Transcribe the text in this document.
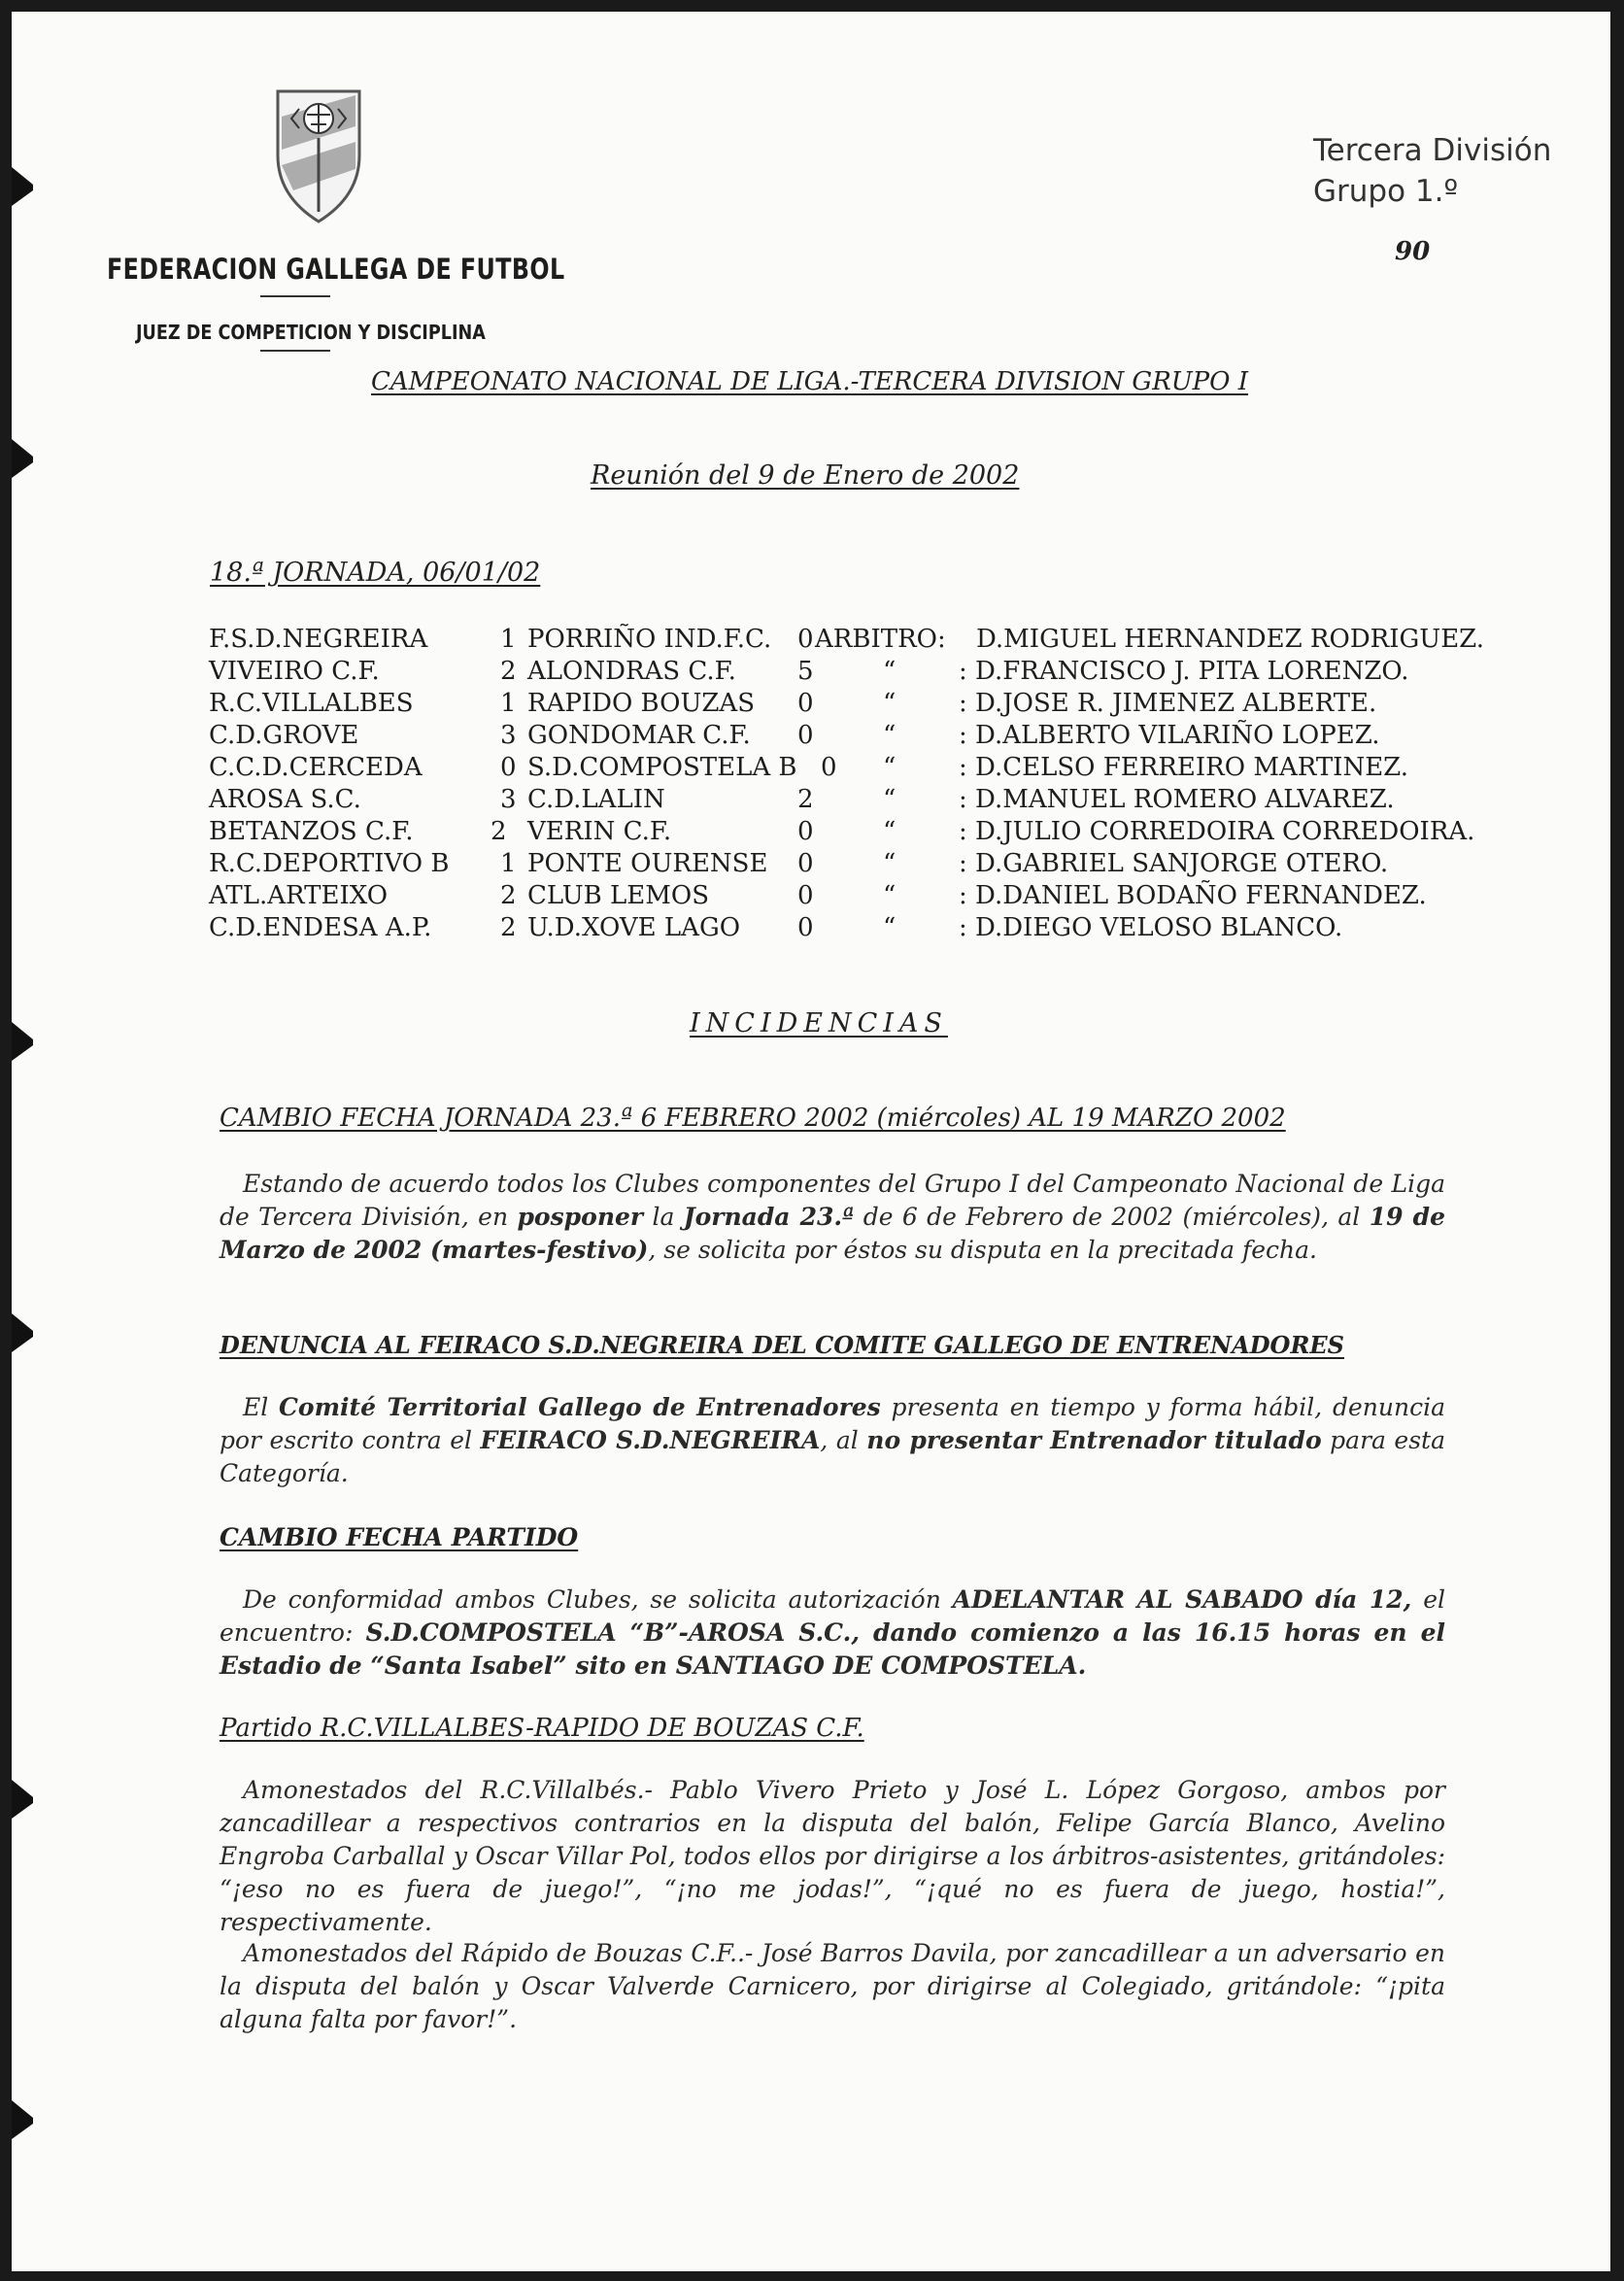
FEDERACION GALLEGA DE FUTBOL
JUEZ DE COMPETICION Y DISCIPLINA
Tercera División
Grupo 1.º
90
CAMPEONATO NACIONAL DE LIGA.-TERCERA DIVISION GRUPO I
Reunión del 9 de Enero de 2002
18.ª JORNADA, 06/01/02
F.S.D.NEGREIRA	1 PORRIÑO IND.F.C. 0 ARBITRO: D.MIGUEL HERNANDEZ RODRIGUEZ.
VIVEIRO C.F.	2 ALONDRAS C.F. 5	“ : D.FRANCISCO J. PITA LORENZO.
R.C.VILLALBES	1 RAPIDO BOUZAS 0	“ : D.JOSE R. JIMENEZ ALBERTE.
C.D.GROVE	3 GONDOMAR C.F. 0	“ : D.ALBERTO VILARIÑO LOPEZ.
C.C.D.CERCEDA	0 S.D.COMPOSTELA B 0 “ : D.CELSO FERREIRO MARTINEZ.
AROSA S.C.	3 C.D.LALIN	2	“ : D.MANUEL ROMERO ALVAREZ.
BETANZOS C.F.	2 VERIN C.F.	0	“ : D.JULIO CORREDOIRA CORREDOIRA.
R.C.DEPORTIVO B 1 PONTE OURENSE 0	“ : D.GABRIEL SANJORGE OTERO.
ATL.ARTEIXO	2 CLUB LEMOS	0	“ : D.DANIEL BODAÑO FERNANDEZ.
C.D.ENDESA A.P.	2 U.D.XOVE LAGO 0	“ : D.DIEGO VELOSO BLANCO.
INCIDENCIAS
CAMBIO FECHA JORNADA 23.ª 6 FEBRERO 2002 (miércoles) AL 19 MARZO 2002
Estando de acuerdo todos los Clubes componentes del Grupo I del Campeonato Nacional de Liga de Tercera División, en posponer la Jornada 23.ª de 6 de Febrero de 2002 (miércoles), al 19 de Marzo de 2002 (martes-festivo), se solicita por éstos su disputa en la precitada fecha.
DENUNCIA AL FEIRACO S.D.NEGREIRA DEL COMITE GALLEGO DE ENTRENADORES
El Comité Territorial Gallego de Entrenadores presenta en tiempo y forma hábil, denuncia por escrito contra el FEIRACO S.D.NEGREIRA, al no presentar Entrenador titulado para esta Categoría.
CAMBIO FECHA PARTIDO
De conformidad ambos Clubes, se solicita autorización ADELANTAR AL SABADO día 12, el encuentro: S.D.COMPOSTELA “B”-AROSA S.C., dando comienzo a las 16.15 horas en el Estadio de “Santa Isabel” sito en SANTIAGO DE COMPOSTELA.
Partido R.C.VILLALBES-RAPIDO DE BOUZAS C.F.
Amonestados del R.C.Villalbés.- Pablo Vivero Prieto y José L. López Gorgoso, ambos por zancadillear a respectivos contrarios en la disputa del balón, Felipe García Blanco, Avelino Engroba Carballal y Oscar Villar Pol, todos ellos por dirigirse a los árbitros-asistentes, gritándoles: “¡eso no es fuera de juego!”, “¡no me jodas!”, “¡qué no es fuera de juego, hostia!”, respectivamente.
Amonestados del Rápido de Bouzas C.F..- José Barros Davila, por zancadillear a un adversario en la disputa del balón y Oscar Valverde Carnicero, por dirigirse al Colegiado, gritándole: “¡pita alguna falta por favor!”.
